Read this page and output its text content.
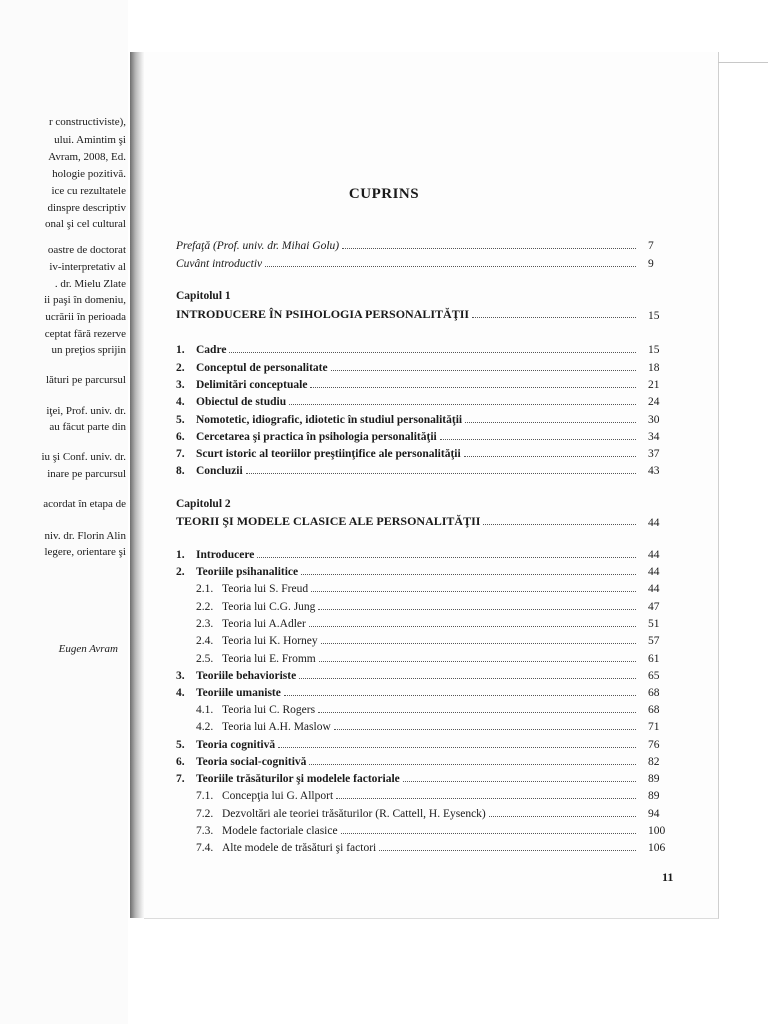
r constructiviste),
ului. Amintim şi
Avram, 2008, Ed.
hologie pozitivă.
ice cu rezultatele
dinspre descriptiv
onal şi cel cultural
oastre de doctorat
iv-interpretativ al
. dr. Mielu Zlate
ii paşi în domeniu,
ucrării în perioada
ceptat fără rezerve
un preţios sprijin
lături pe parcursul
iţei, Prof. univ. dr.
au făcut parte din
iu şi Conf. univ. dr.
inare pe parcursul
acordat în etapa de
niv. dr. Florin Alin
legere, orientare şi
Eugen Avram
CUPRINS
Prefaţă (Prof. univ. dr. Mihai Golu)	7
Cuvânt introductiv	9
Capitolul 1
INTRODUCERE ÎN PSIHOLOGIA PERSONALITĂŢII	15
1. Cadre	15
2. Conceptul de personalitate	18
3. Delimitări conceptuale	21
4. Obiectul de studiu	24
5. Nomotetic, idiografic, idiotetic în studiul personalităţii	30
6. Cercetarea şi practica în psihologia personalităţii	34
7. Scurt istoric al teoriilor preştiinţifice ale personalităţii	37
8. Concluzii	43
Capitolul 2
TEORII ŞI MODELE CLASICE ALE PERSONALITĂŢII	44
1. Introducere	44
2. Teoriile psihanalitice	44
2.1. Teoria lui S. Freud	44
2.2. Teoria lui C.G. Jung	47
2.3. Teoria lui A.Adler	51
2.4. Teoria lui K. Horney	57
2.5. Teoria lui E. Fromm	61
3. Teoriile behavioriste	65
4. Teoriile umaniste	68
4.1. Teoria lui C. Rogers	68
4.2. Teoria lui A.H. Maslow	71
5. Teoria cognitivă	76
6. Teoria social-cognitivă	82
7. Teoriile trăsăturilor şi modelele factoriale	89
7.1. Concepţia lui G. Allport	89
7.2. Dezvoltări ale teoriei trăsăturilor (R. Cattell, H. Eysenck)	94
7.3. Modele factoriale clasice	100
7.4. Alte modele de trăsături şi factori	106
11
